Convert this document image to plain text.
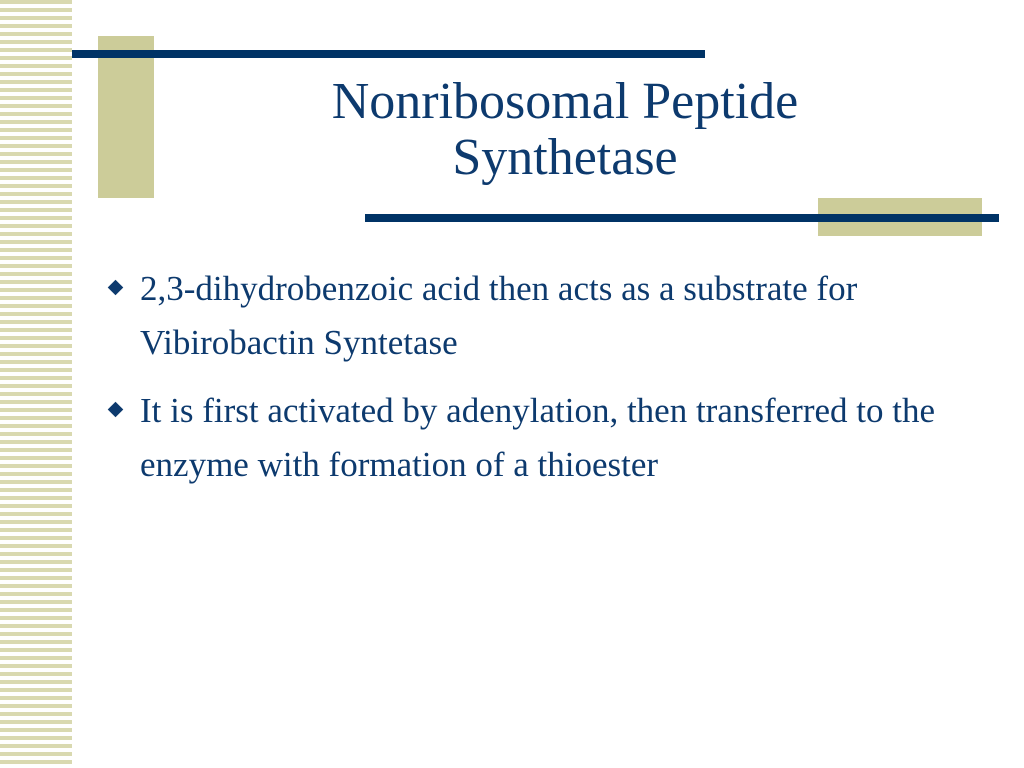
Nonribosomal Peptide
Synthetase
2,3-dihydrobenzoic acid then acts as a substrate for Vibirobactin Syntetase
It is first activated by adenylation, then transferred to the enzyme with formation of a thioester
